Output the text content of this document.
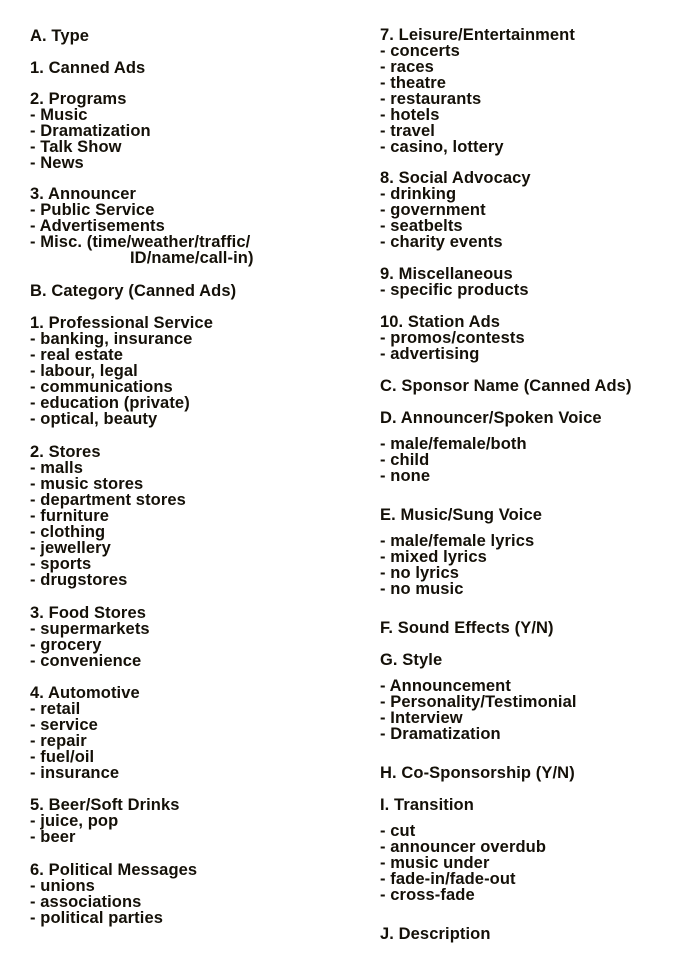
A. Type
1. Canned Ads
2. Programs
- Music
- Dramatization
- Talk Show
- News
3. Announcer
- Public Service
- Advertisements
- Misc. (time/weather/traffic/
ID/name/call-in)
B. Category (Canned Ads)
1. Professional Service
- banking, insurance
- real estate
- labour, legal
- communications
- education (private)
- optical, beauty
2. Stores
- malls
- music stores
- department stores
- furniture
- clothing
- jewellery
- sports
- drugstores
3. Food Stores
- supermarkets
- grocery
- convenience
4. Automotive
- retail
- service
- repair
- fuel/oil
- insurance
5. Beer/Soft Drinks
- juice, pop
- beer
6. Political Messages
- unions
- associations
- political parties
7. Leisure/Entertainment
- concerts
- races
- theatre
- restaurants
- hotels
- travel
- casino, lottery
8. Social Advocacy
- drinking
- government
- seatbelts
- charity events
9. Miscellaneous
- specific products
10. Station Ads
- promos/contests
- advertising
C. Sponsor Name (Canned Ads)
D. Announcer/Spoken Voice
- male/female/both
- child
- none
E. Music/Sung Voice
- male/female lyrics
- mixed lyrics
- no lyrics
- no music
F. Sound Effects (Y/N)
G. Style
- Announcement
- Personality/Testimonial
- Interview
- Dramatization
H. Co-Sponsorship (Y/N)
I. Transition
- cut
- announcer overdub
- music under
- fade-in/fade-out
- cross-fade
J. Description
